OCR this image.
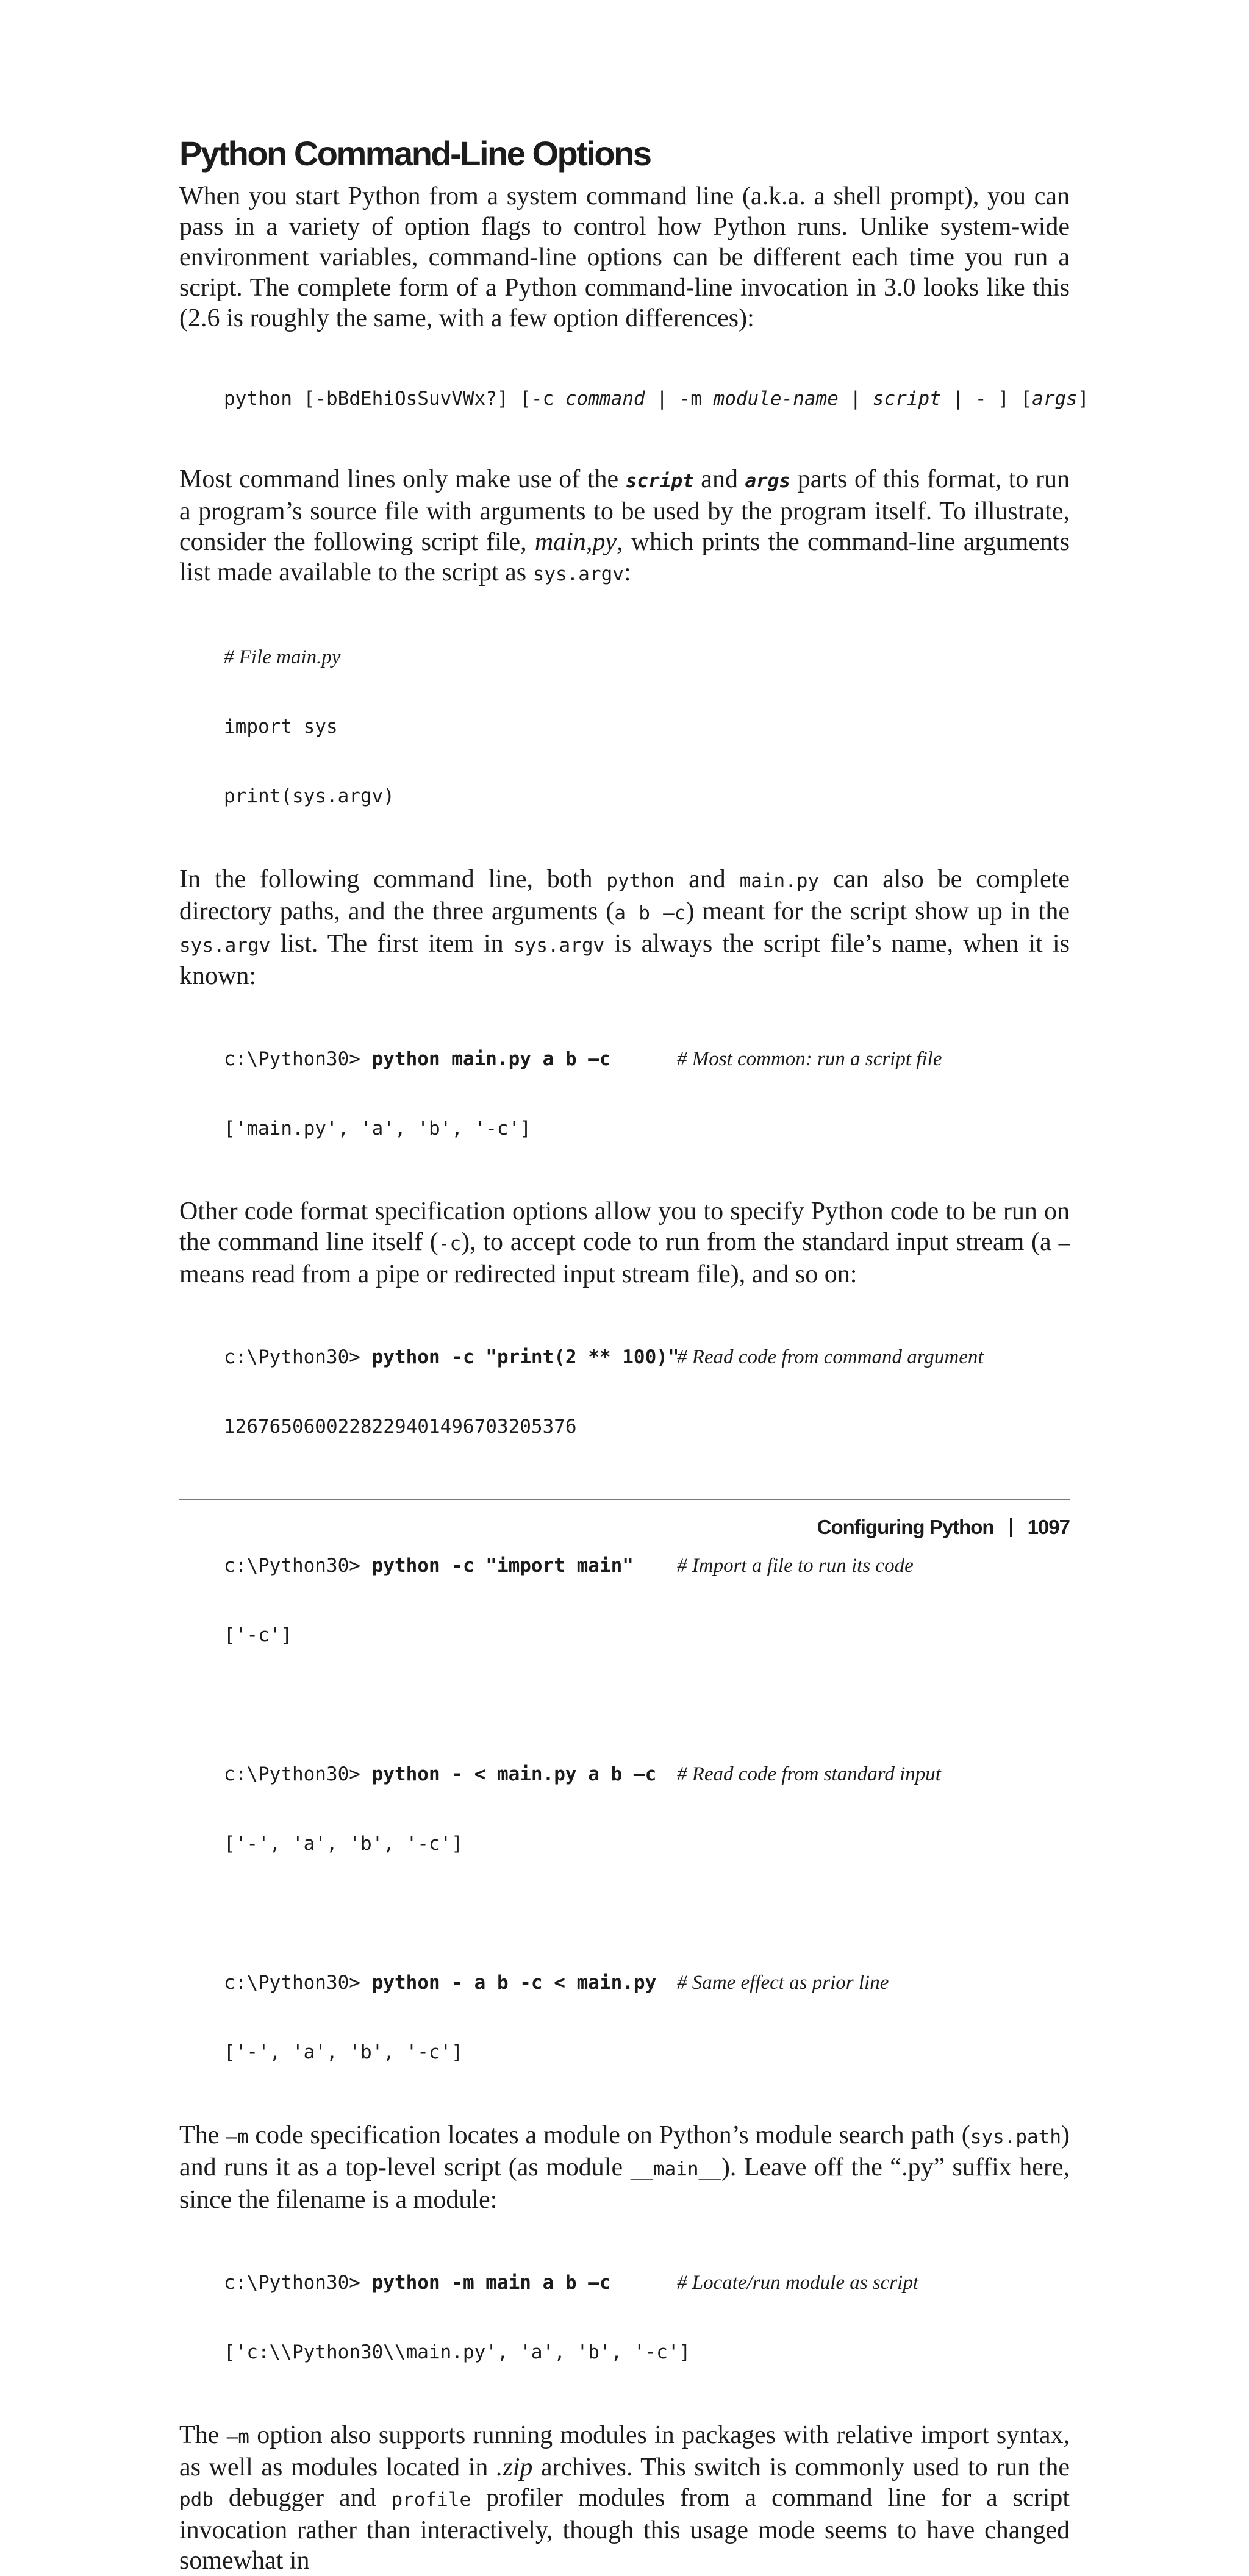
Python Command-Line Options

When you start Python from a system command line (a.k.a. a shell prompt), you can pass in a variety of option flags to control how Python runs. Unlike system-wide environment variables, command-line options can be different each time you run a script. The complete form of a Python command-line invocation in 3.0 looks like this (2.6 is roughly the same, with a few option differences):

python [-bBdEhiOsSuvVWx?] [-c command | -m module-name | script | - ] [args]

Most command lines only make use of the script and args parts of this format, to run a program’s source file with arguments to be used by the program itself. To illustrate, consider the following script file, main,py, which prints the command-line arguments list made available to the script as sys.argv:

# File main.py

import sys

print(sys.argv)

In the following command line, both python and main.py can also be complete directory paths, and the three arguments (a b –c) meant for the script show up in the sys.argv list. The first item in sys.argv is always the script file’s name, when it is known:

c:\Python30> python main.py a b –c	# Most common: run a script file

['main.py', 'a', 'b', '-c']

Other code format specification options allow you to specify Python code to be run on the command line itself (-c), to accept code to run from the standard input stream (a – means read from a pipe or redirected input stream file), and so on:

c:\Python30> python -c "print(2 ** 100)"
# Read code from command argument

1267650600228229401496703205376

c:\Python30> python -c "import main" # Import a file to run its code

['-c']

c:\Python30> python - < main.py a b –c # Read code from standard input

['-', 'a', 'b', '-c']

c:\Python30> python - a b -c < main.py # Same effect as prior line

['-', 'a', 'b', '-c']

The –m code specification locates a module on Python’s module search path (sys.path) and runs it as a top-level script (as module __main__). Leave off the “.py” suffix here, since the filename is a module:

c:\Python30> python -m main a b –c	# Locate/run module as script

['c:\\Python30\\main.py', 'a', 'b', '-c']

The –m option also supports running modules in packages with relative import syntax, as well as modules located in .zip archives. This switch is commonly used to run the pdb debugger and profile profiler modules from a command line for a script invocation rather than interactively, though this usage mode seems to have changed somewhat in

Configuring Python 1097
